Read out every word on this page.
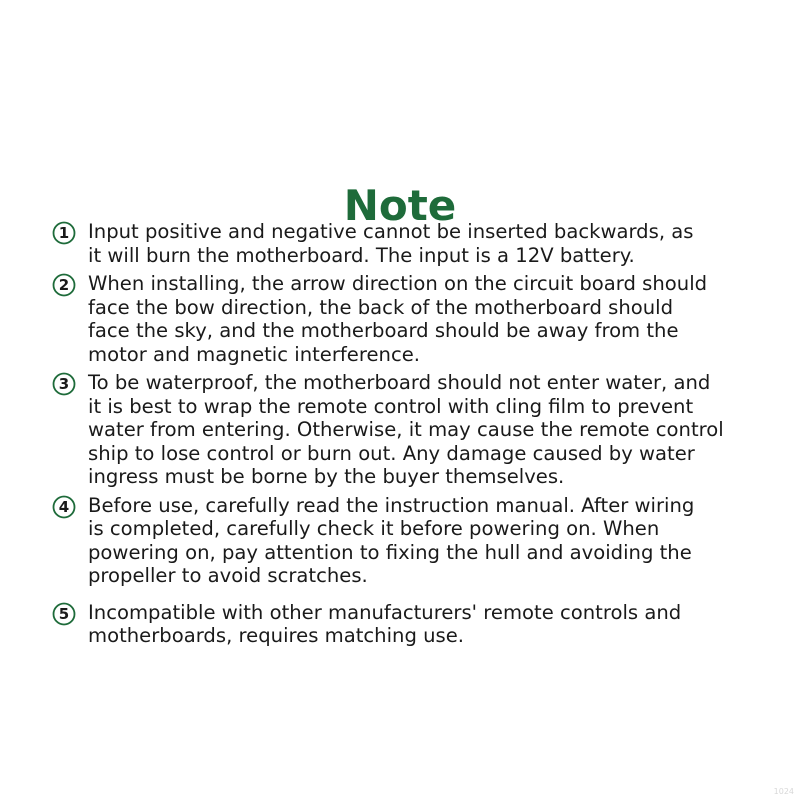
Note
1 Input positive and negative cannot be inserted backwards, as
it will burn the motherboard. The input is a 12V battery.
2 When installing, the arrow direction on the circuit board should
face the bow direction, the back of the motherboard should
face the sky, and the motherboard should be away from the
motor and magnetic interference.
3 To be waterproof, the motherboard should not enter water, and
it is best to wrap the remote control with cling film to prevent
water from entering. Otherwise, it may cause the remote control
ship to lose control or burn out. Any damage caused by water
ingress must be borne by the buyer themselves.
4 Before use, carefully read the instruction manual. After wiring
is completed, carefully check it before powering on. When
powering on, pay attention to fixing the hull and avoiding the
propeller to avoid scratches.
5 Incompatible with other manufacturers' remote controls and
motherboards, requires matching use.
1024
